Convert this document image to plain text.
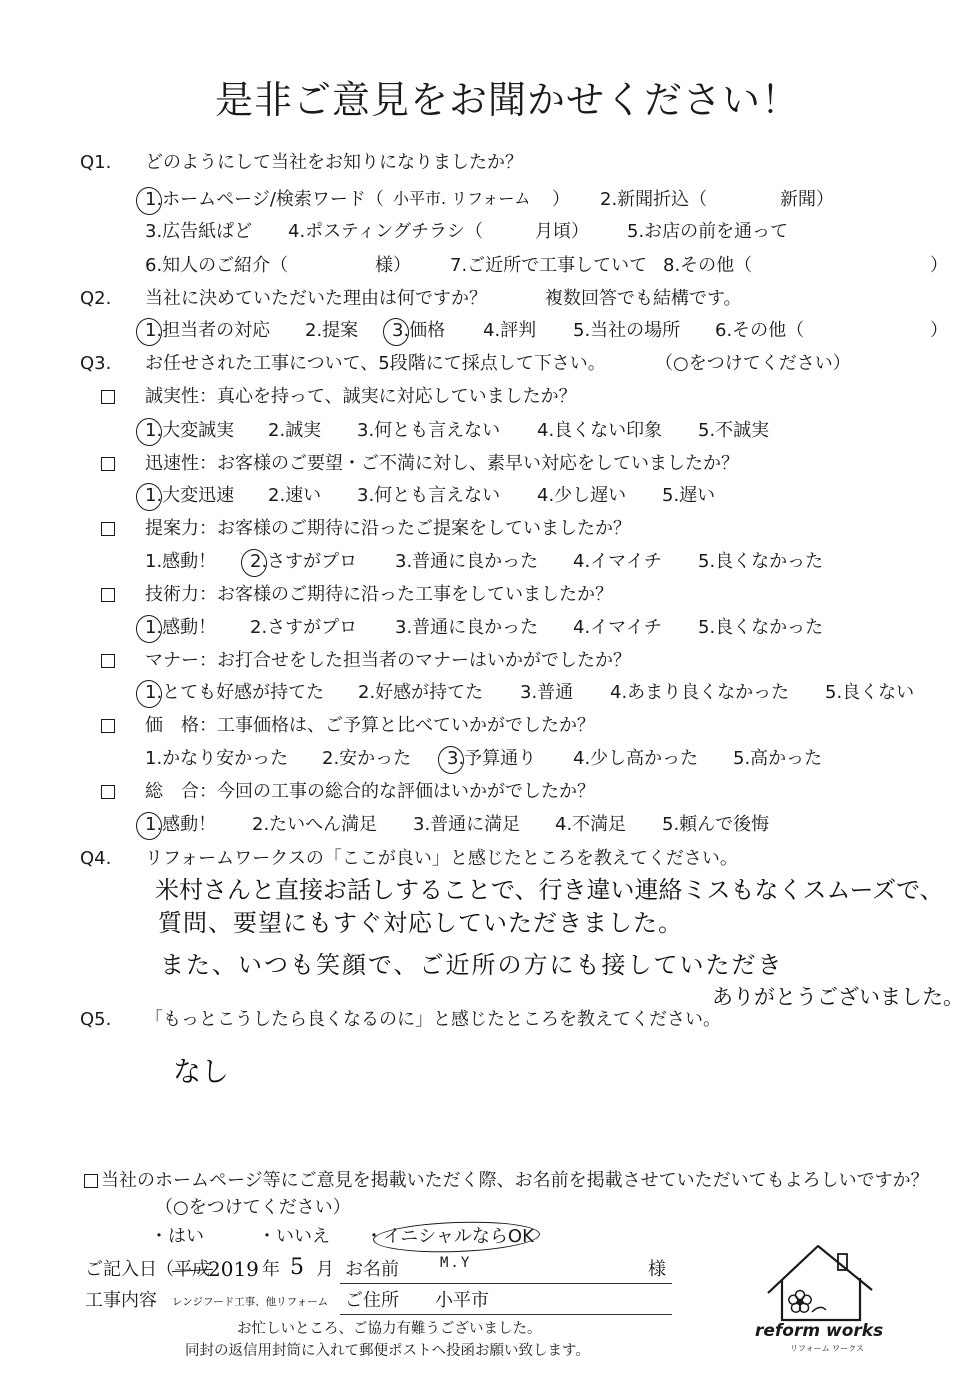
是非ご意見をお聞かせください！
Q1. どのようにして当社をお知りになりましたか？
1.ホームページ/検索ワード（ 小平市. リフォーム ） 2.新聞折込（	新聞）
3.広告紙ぱど 4.ポスティングチラシ（	月頃） 5.お店の前を通って
6.知人のご紹介（	様） 7.ご近所で工事していて 8.その他（	）
Q2. 当社に決めていただいた理由は何ですか？	複数回答でも結構です。
1.担当者の対応 2.提案 3.価格 4.評判 5.当社の場所 6.その他（	）
Q3. お任せされた工事について、5段階にて採点して下さい。	（○をつけてください）
誠実性：真心を持って、誠実に対応していましたか？
1.大変誠実 2.誠実 3.何とも言えない 4.良くない印象 5.不誠実
迅速性：お客様のご要望・ご不満に対し、素早い対応をしていましたか？
1.大変迅速 2.速い 3.何とも言えない 4.少し遅い 5.遅い
提案力：お客様のご期待に沿ったご提案をしていましたか？
1.感動！ 2.さすがプロ 3.普通に良かった 4.イマイチ 5.良くなかった
技術力：お客様のご期待に沿った工事をしていましたか？
1.感動！ 2.さすがプロ 3.普通に良かった 4.イマイチ 5.良くなかった
マナー：お打合せをした担当者のマナーはいかがでしたか？
1.とても好感が持てた 2.好感が持てた 3.普通 4.あまり良くなかった 5.良くない
価　格：工事価格は、ご予算と比べていかがでしたか？
1.かなり安かった 2.安かった 3.予算通り 4.少し高かった 5.高かった
総　合：今回の工事の総合的な評価はいかがでしたか？
1.感動！ 2.たいへん満足 3.普通に満足 4.不満足 5.頼んで後悔
Q4. リフォームワークスの「ここが良い」と感じたところを教えてください。
米村さんと直接お話しすることで、行き違い連絡ミスもなくスムーズで、
質問、要望にもすぐ対応していただきました。
また、いつも笑顔で、ご近所の方にも接していただき
ありがとうございました。
Q5. 「もっとこうしたら良くなるのに」と感じたところを教えてください。
なし
当社のホームページ等にご意見を掲載いただく際、お名前を掲載させていただいてもよろしいですか？
（○をつけてください）
・はい	・いいえ ・イニシャルならOK
ご記入日 （ 平成
2019 年 5 月 お名前	M.Y	様
工事内容 レンジフード工事、他リフォーム ご住所 小平市
お忙しいところ、ご協力有難うございました。
同封の返信用封筒に入れて郵便ポストへ投函お願い致します。
reform works
リフォーム ワークス
